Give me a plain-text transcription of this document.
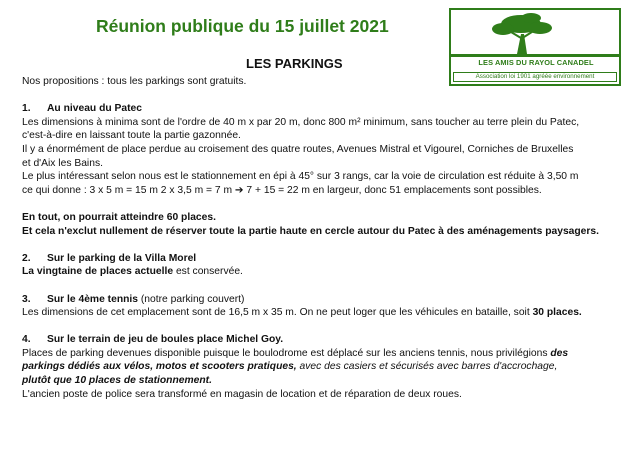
Réunion publique du 15 juillet 2021
LES AMIS DU RAYOL CANADEL
Association loi 1901 agréée environnement
LES PARKINGS

Nos propositions : tous les parkings sont gratuits.

1. Au niveau du Patec

Les dimensions à minima sont de l'ordre de 40 m x par 20 m, donc 800 m² minimum, sans toucher au terre plein du Patec,

c'est-à-dire en laissant toute la partie gazonnée.

Il y a énormément de place perdue au croisement des quatre routes, Avenues Mistral et Vigourel, Corniches de Bruxelles

et d'Aix les Bains.

Le plus intéressant selon nous est le stationnement en épi à 45° sur 3 rangs, car la voie de circulation est réduite à 3,50 m

ce qui donne : 3 x 5 m = 15 m 2 x 3,5 m = 7 m ➔ 7 + 15 = 22 m en largeur, donc 51 emplacements sont possibles.

En tout, on pourrait atteindre 60 places.

Et cela n'exclut nullement de réserver toute la partie haute en cercle autour du Patec à des aménagements paysagers.

2. Sur le parking de la Villa Morel

La vingtaine de places actuelle est conservée.

3. Sur le 4ème tennis (notre parking couvert)

Les dimensions de cet emplacement sont de 16,5 m x 35 m. On ne peut loger que les véhicules en bataille, soit 30 places.

4. Sur le terrain de jeu de boules place Michel Goy.

Places de parking devenues disponible puisque le boulodrome est déplacé sur les anciens tennis, nous privilégions des

parkings dédiés aux vélos, motos et scooters pratiques, avec des casiers et sécurisés avec barres d'accrochage,

plutôt que 10 places de stationnement.

L'ancien poste de police sera transformé en magasin de location et de réparation de deux roues.
